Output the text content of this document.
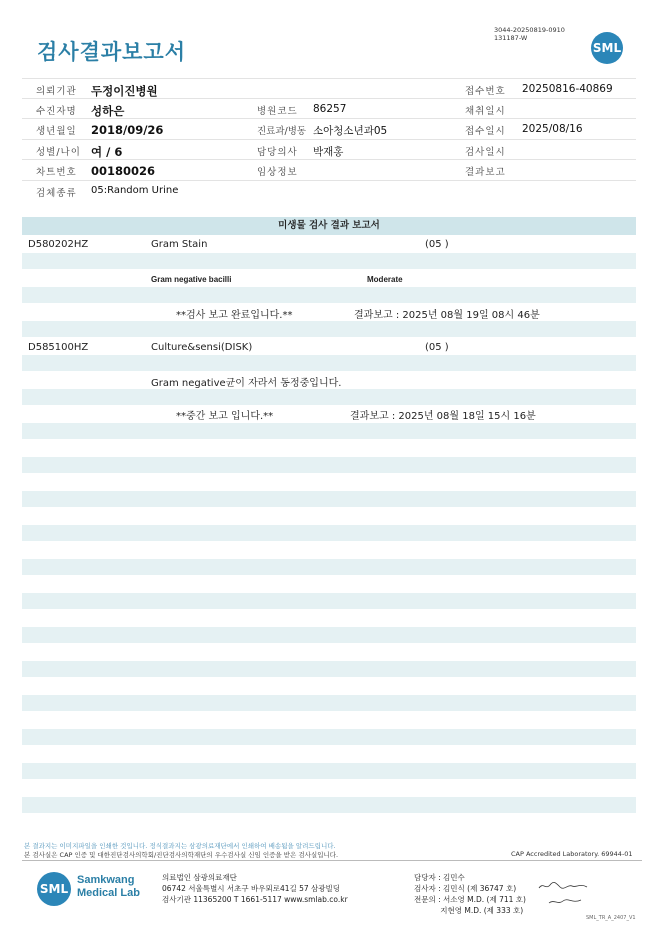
검사결과보고서
3044-20250819-0910
131187-W
SML
의뢰기관 두정이진병원	접수번호 20250816-40869
수진자명 성하은	병원코드 86257	채취일시
생년월일 2018/09/26	진료과/병동 소아청소년과05	접수일시 2025/08/16
성별/나이 여 / 6	담당의사 박재홍	검사일시
차트번호 00180026	임상정보	결과보고
검체종류 05:Random Urine
미생물 검사 결과 보고서
D580202HZ	Gram Stain	(05 )
Gram negative bacilli	Moderate
**검사 보고 완료입니다.**	결과보고 : 2025년 08월 19일 08시 46분
D585100HZ	Culture&sensi(DISK)	(05 )
Gram negative균이 자라서 동정중입니다.
**중간 보고 입니다.**	결과보고 : 2025년 08월 18일 15시 16분
본 결과지는 이미지파일을 인쇄한 것입니다. 정식결과지는 삼광의료재단에서 인쇄하여 배송됨을 알려드립니다.
본 검사실은 CAP 인증 및 대한진단검사의학회/진단검사의학재단의 우수검사실 신임 인증을 받은 검사실입니다.	CAP Accredited Laboratory. 69944-01
SML
Samkwang
Medical Lab
의료법인 삼광의료재단
06742 서울특별시 서초구 바우뫼로41길 57 삼광빌딩
검사기관 11365200 T 1661-5117 www.smlab.co.kr
담당자 : 김민수
검사자 : 김민식 (제 36747 호)
전문의 : 서소영 M.D. (제 711 호)
지현영 M.D. (제 333 호)
SML_TR_A_2407_V1
